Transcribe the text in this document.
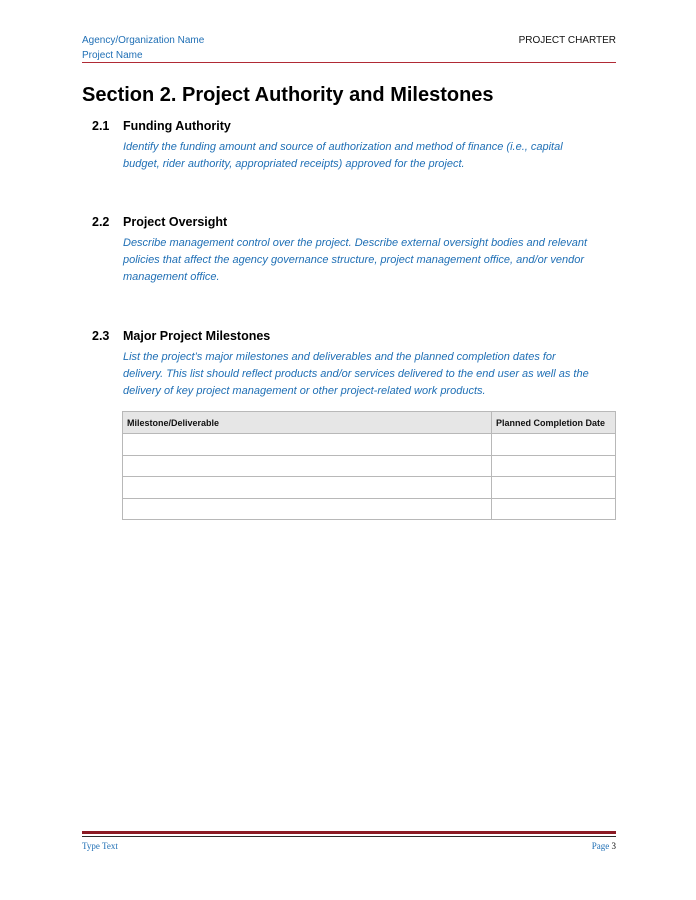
Agency/Organization Name
Project Name
PROJECT CHARTER
Section 2. Project Authority and Milestones
2.1 Funding Authority
Identify the funding amount and source of authorization and method of finance (i.e., capital
budget, rider authority, appropriated receipts) approved for the project.
2.2 Project Oversight
Describe management control over the project. Describe external oversight bodies and relevant
policies that affect the agency governance structure, project management office, and/or vendor
management office.
2.3 Major Project Milestones
List the project’s major milestones and deliverables and the planned completion dates for
delivery. This list should reflect products and/or services delivered to the end user as well as the
delivery of key project management or other project-related work products.
Milestone/Deliverable	Planned Completion Date

Type Text	Page 3
